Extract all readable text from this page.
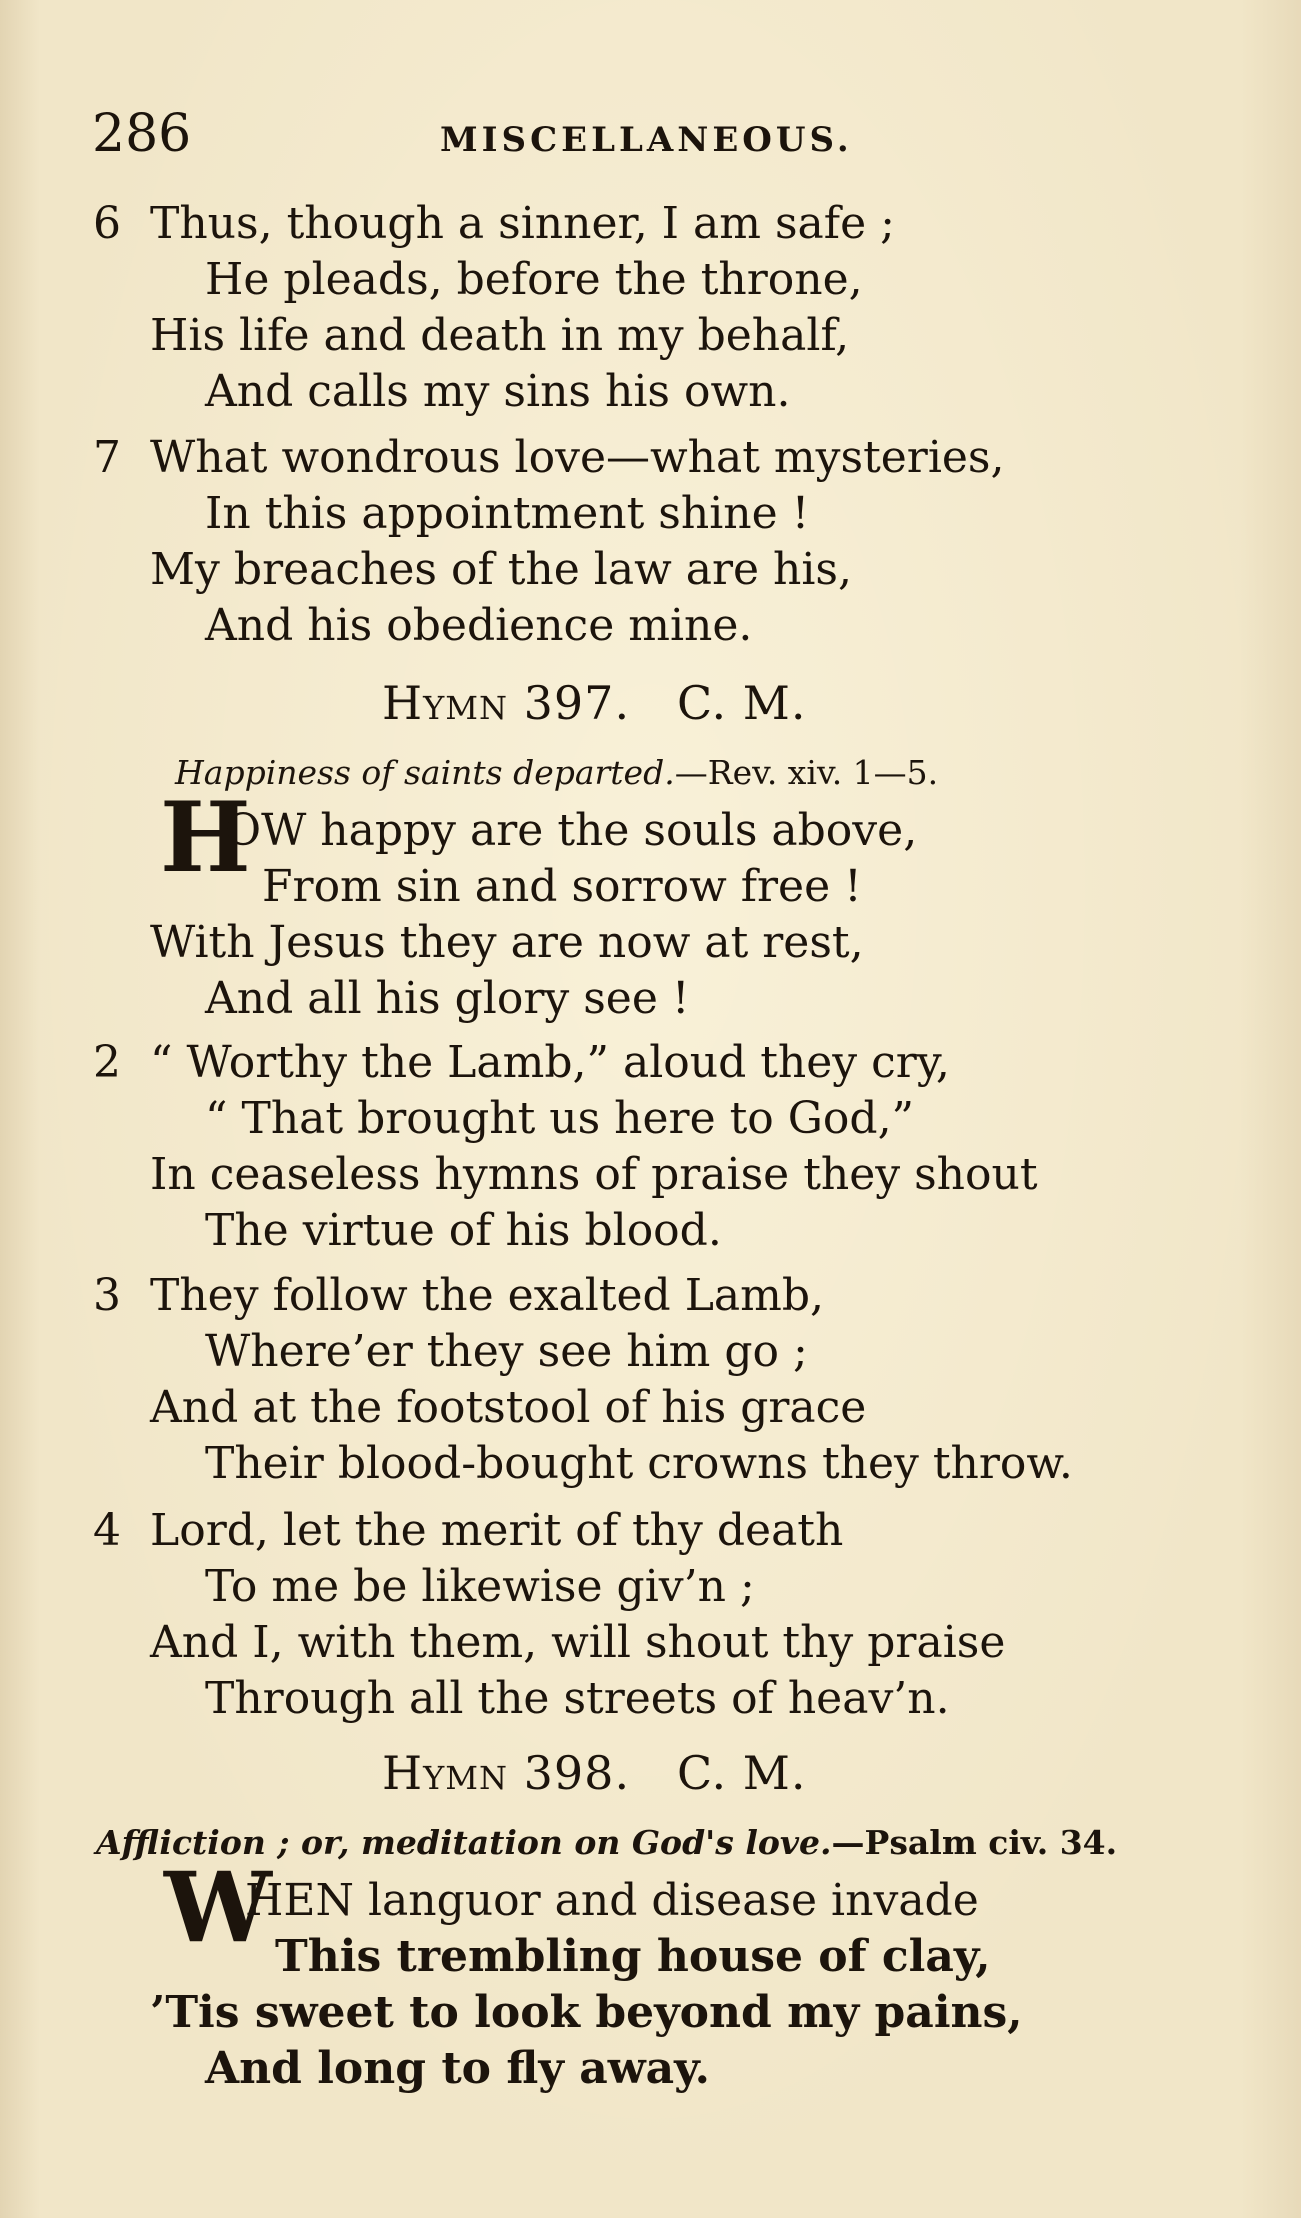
286	MISCELLANEOUS.
6 Thus, though a sinner, I am safe ;
He pleads, before the throne,
His life and death in my behalf,
And calls my sins his own.
7 What wondrous love—what mysteries,
In this appointment shine !
My breaches of the law are his,
And his obedience mine.
Hymn 397. C. M.
Happiness of saints departed.—Rev. xiv. 1—5.
H
OW happy are the souls above,
From sin and sorrow free !
With Jesus they are now at rest,
And all his glory see !
2 “ Worthy the Lamb,” aloud they cry,
“ That brought us here to God,”
In ceaseless hymns of praise they shout
The virtue of his blood.
3 They follow the exalted Lamb,
Where’er they see him go ;
And at the footstool of his grace
Their blood-bought crowns they throw.
4 Lord, let the merit of thy death
To me be likewise giv’n ;
And I, with them, will shout thy praise
Through all the streets of heav’n.
Hymn 398. C. M.
Affliction ; or, meditation on God's love.—Psalm civ. 34.
W
HEN languor and disease invade
This trembling house of clay,
’Tis sweet to look beyond my pains,
And long to fly away.
